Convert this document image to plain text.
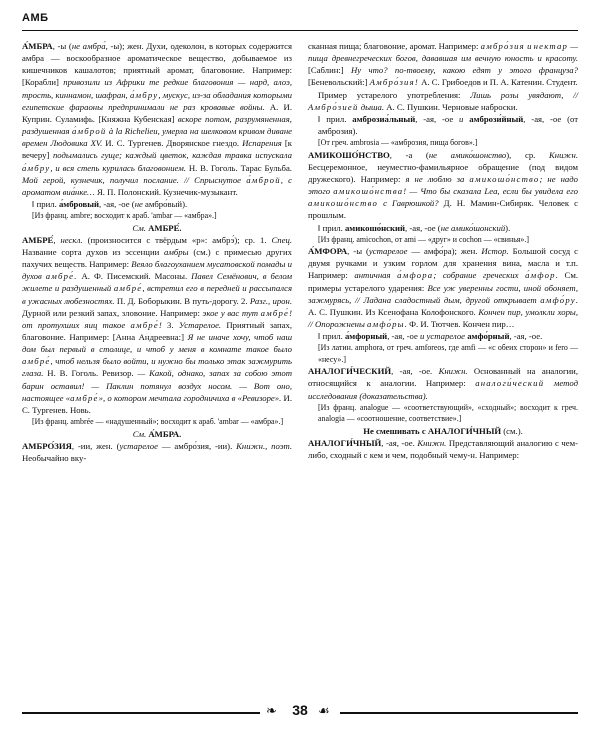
АМБ

А́МБРА, -ы (не амбра́, -ы); жен. Духи, одеколон, в которых содержится амбра — воскообразное ароматическое вещество, добываемое из кишечников кашалотов; приятный аромат, благовоние. Например: [Корабли] привозили из Африки те редкие благовония — нард, алоэ, трость, киннамон, шафран, а́мбру, мускус, из-за обладания которыми египетские фараоны предпринимали не раз кровавые войны. А. И. Куприн. Суламифь. [Княжна Кубенская] вскоре потом, разрумяненная, раздушенная а́мброй à la Richelieu, умерла на шелковом кривом диване времен Людовика XV. И. С. Тургенев. Дворянское гнездо. Испарения [к вечеру] подымались гуще; каждый цветок, каждая травка испускала а́мбру, и вся степь курилась благовонием. Н. В. Гоголь. Тарас Бульба. Мой герой, кузнечик, получил послание. // Спрыснутое а́мброй, с ароматом виа́нке… Я. П. Полонский. Кузнечик-музыкант.

‖ прил. а́мбровый, -ая, -ое (не амбро́вый).

[Из франц. ambre; восходит к араб. 'ambar — «амбра».]

См. АМБРЕ́.

АМБРЕ́, нескл. (произносится с твёрдым «р»: амбрэ́); ср. 1. Спец. Название сорта духов из эссенции амбры (см.) с примесью других пахучих веществ. Например: Веяло благоуханием мусатовской помады и духов амбре́. А. Ф. Писемский. Масоны. Павел Семёнович, в белом жилете и раздушенный амбре́, встретил его в передней и рассыпался в ужасных любезностях. П. Д. Боборыкин. В путь-дорогу. 2. Разг., ирон. Дурной или резкий запах, зловоние. Например: экое у вас тут амбре́! от протухших яиц такое амбре́! 3. Устарелое. Приятный запах, благовоние. Например: [Анна Андреевна:] Я не иначе хочу, чтоб наш дом был первый в столице, и чтоб у меня в комнате такое было амбре́, чтоб нельзя было войти, и нужно бы только этак зажмурить глаза. Н. В. Гоголь. Ревизор. — Какой, однако, запах за собою этот барин оставил! — Паклин потянул воздух носом. — Вот оно, настоящее «амбре́», о котором мечтала городничиха в «Ревизоре». И. С. Тургенев. Новь.

[Из франц. ambrée — «надушенный»; восходит к араб. 'ambar — «амбра».]

См. А́МБРА.

АМБРО́ЗИЯ, -ии, жен. (устарелое — амбро́зия, -ии). Книжн., поэт. Необычайно вку-

сканная пища; благовоние, аромат. Например: амбро́зия и нектар — пища древнегреческих богов, дававшая им вечную юность и красоту. [Саблин:] Ну что? по-твоему, какою едят у этого француза? [Беневольский:] Амбро́зия! А. С. Грибоедов и П. А. Катенин. Студент.

Пример устарелого употребления: Лишь розы увядают, // Амбро́зией дыша. А. С. Пушкин. Черновые наброски.

‖ прил. амброзиа́льный, -ая, -ое и амбрози́йный, -ая, -ое (от амброзия).

[От греч. ambrosia — «амброзия, пища богов».]

АМИКОШО́НСТВО, -а (не амико́шонство), ср. Книжн. Бесцеремонное, неуместно-фамильярное обращение (под видом дружеского). Например: я не люблю за амикошо́нство; не надо этого амикошо́нства! — Что бы сказала Lea, если бы увидела его амикошо́нство с Гаврюшкой? Д. Н. Мамин-Сибиряк. Человек с прошлым.

‖ прил. амикошо́нский, -ая, -ое (не амико́шонский).

[Из франц. amicochon, от ami — «друг» и cochon — «свинья».]

А́МФОРА, -ы (устарелое — амфо́ра); жен. Истор. Большой сосуд с двумя ручками и узким горлом для хранения вина, масла и т.п. Например: античная а́мфора; собрание греческих а́мфор. См. примеры устарелого ударения: Все уж уверенны гости, иной обоняет, зажмурясь, // Ладана сладостный дым, другой открывает амфо́ру. А. С. Пушкин. Из Ксенофана Колофонского. Кончен пир, умолкли хоры, // Опорожнены амфо́ры. Ф. И. Тютчев. Кончен пир…

‖ прил. а́мфорный, -ая, -ое и устарелое амфо́рный, -ая, -ое.

[Из латин. amphora, от греч. amforeos, где amfi — «с обеих сторон» и fero — «несу».]

АНАЛОГИ́ЧЕСКИЙ, -ая, -ое. Книжн. Основанный на аналогии, относящийся к аналогии. Например: аналоги́ческий метод исследования (доказательства).

[Из франц. analogue — «соответствующий», «сходный»; восходит к греч. analogia — «соотношение, соответствие».]

Не смешивать с АНАЛОГИ́ЧНЫЙ (см.).

АНАЛОГИ́ЧНЫЙ, -ая, -ое. Книжн. Представляющий аналогию с чем-либо, сходный с кем и чем, подобный чему-н. Например:

❧	38 ☙
